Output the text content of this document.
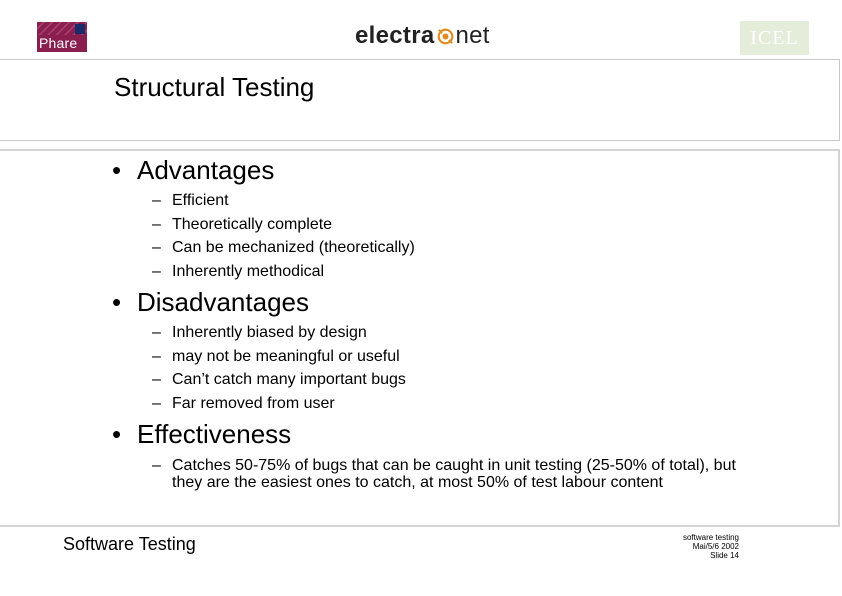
Phare	electra net	ICEL
Structural Testing
• Advantages
– Efficient
– Theoretically complete
– Can be mechanized (theoretically)
– Inherently methodical
• Disadvantages
– Inherently biased by design
– may not be meaningful or useful
– Can’t catch many important bugs
– Far removed from user
• Effectiveness
– Catches 50-75% of bugs that can be caught in unit testing (25-50% of total), but they are the easiest ones to catch, at most 50% of test labour content
Software Testing	software testing
Mai/5/6 2002
Slide 14
